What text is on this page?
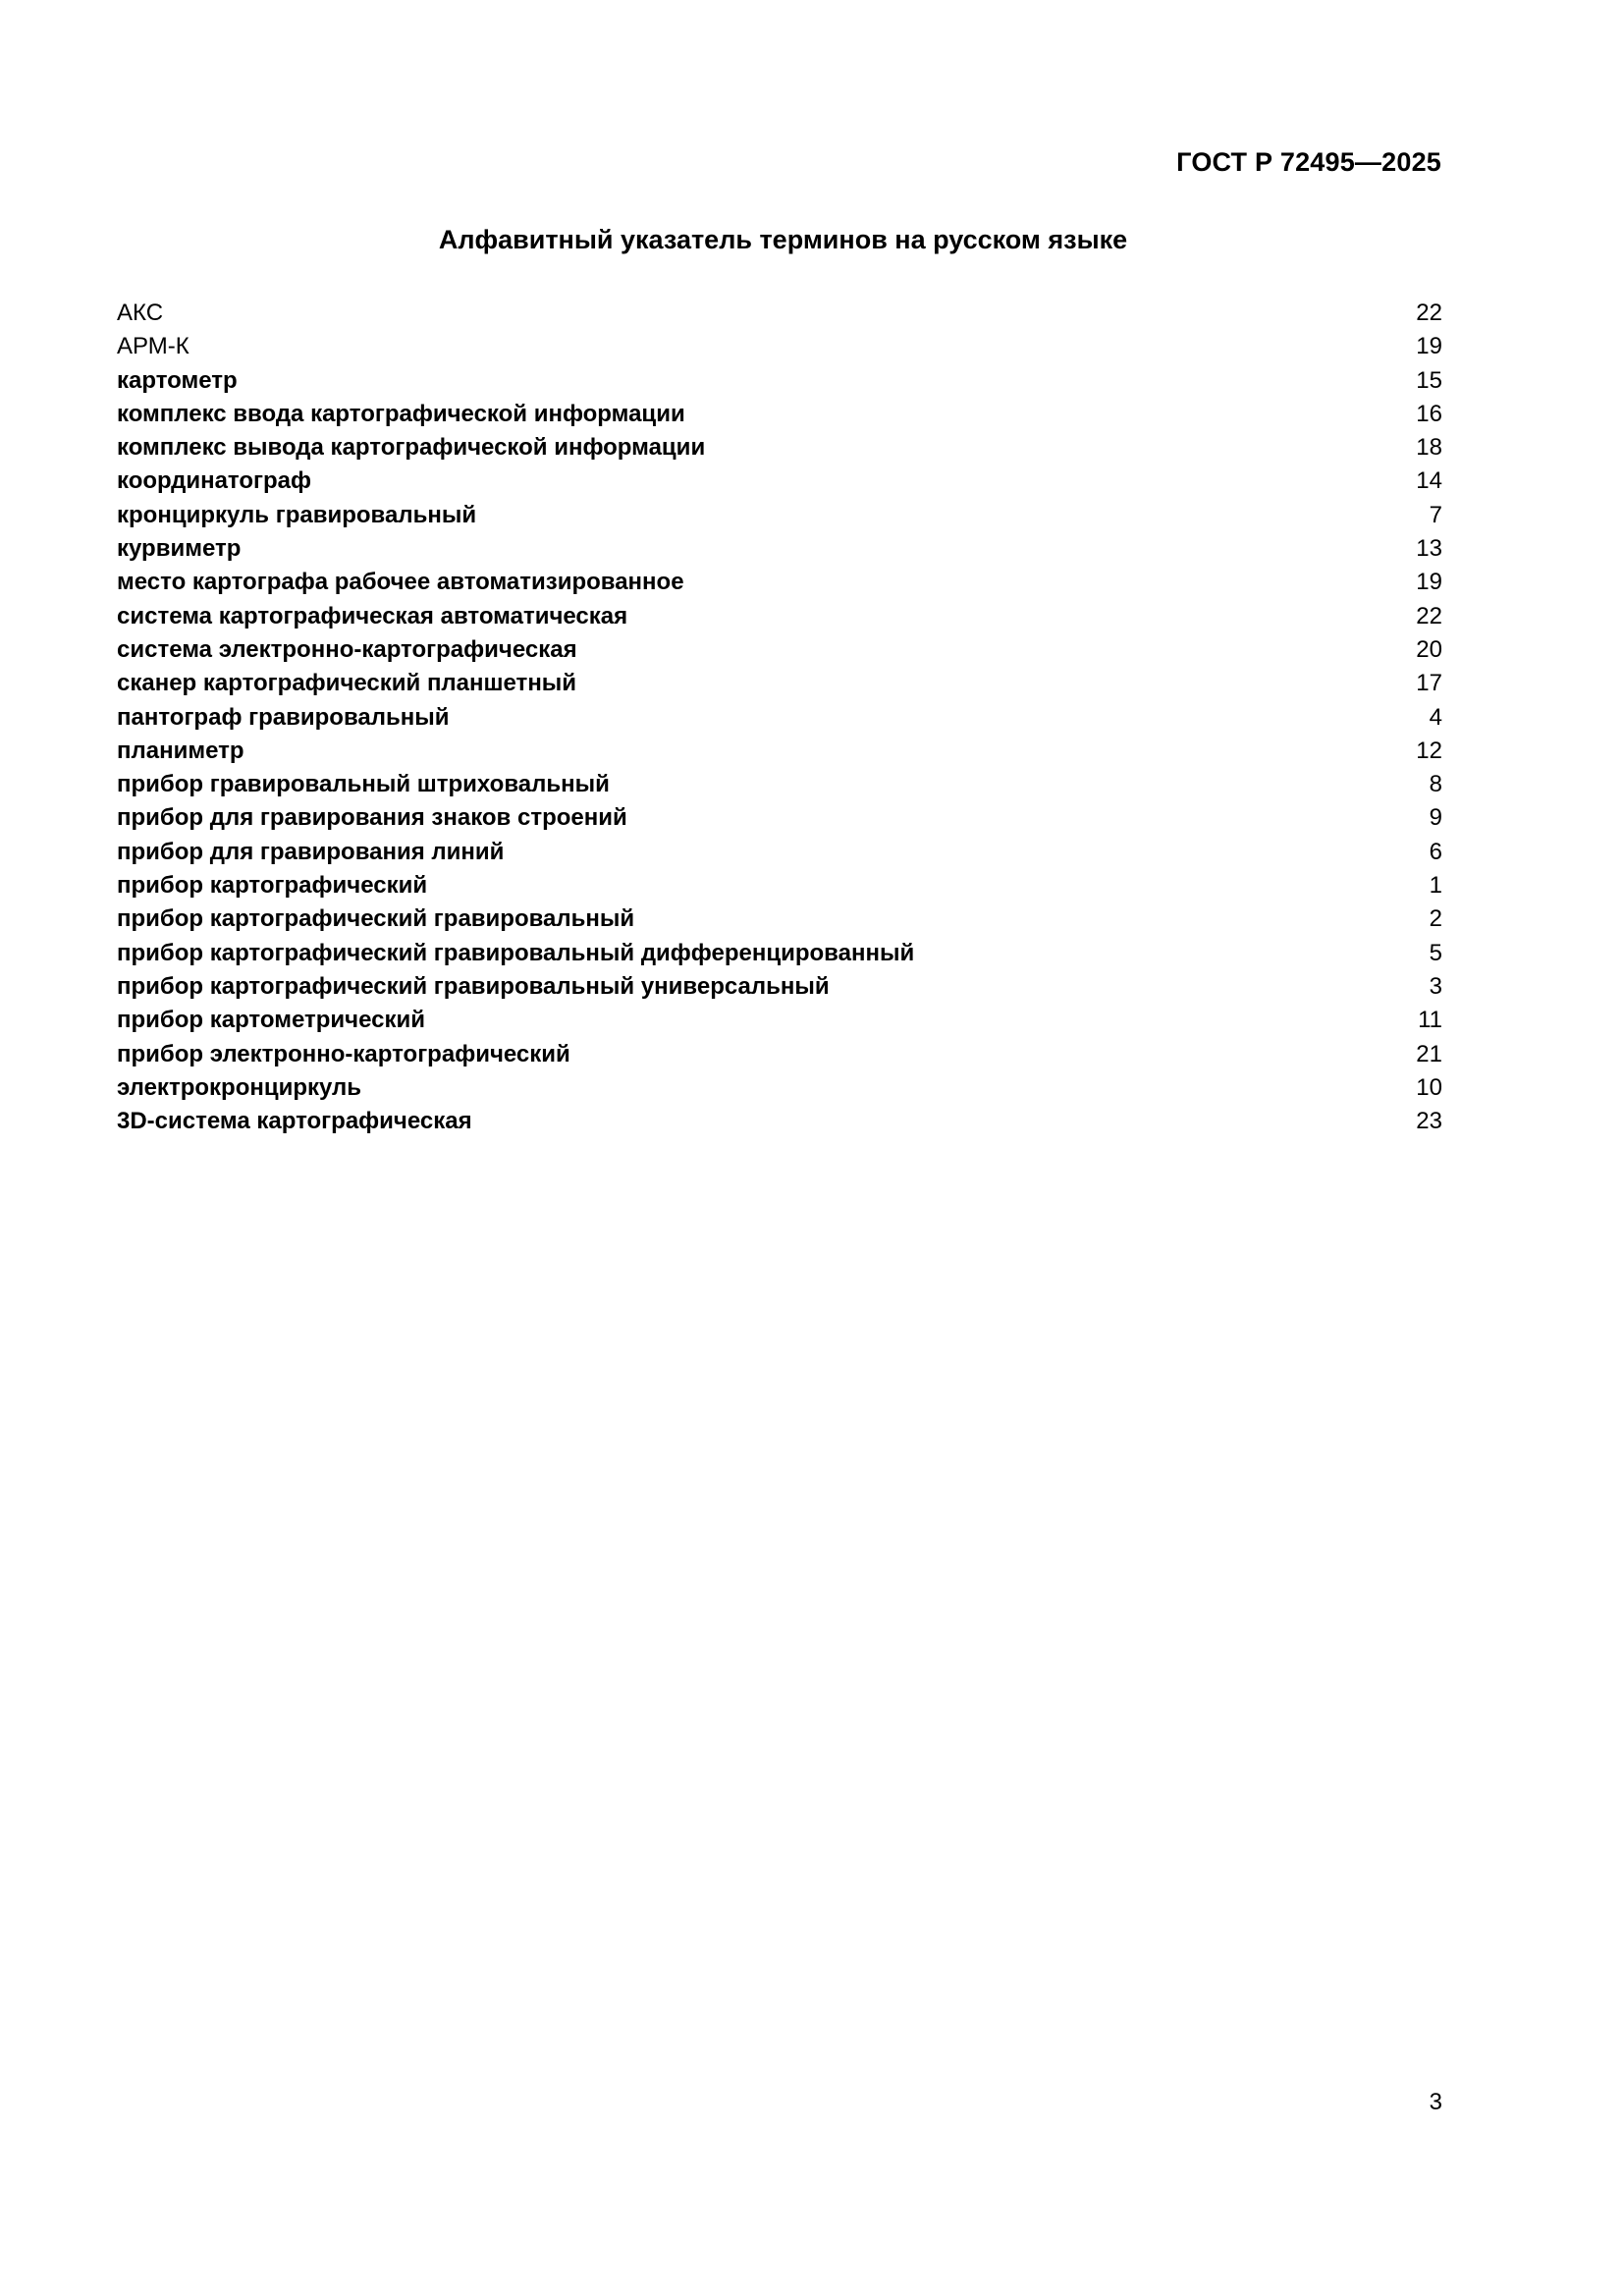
ГОСТ Р 72495—2025
Алфавитный указатель терминов на русском языке
АКС	22
АРМ-К	19
картометр	15
комплекс ввода картографической информации	16
комплекс вывода картографической информации	18
координатограф	14
кронциркуль гравировальный	7
курвиметр	13
место картографа рабочее автоматизированное	19
система картографическая автоматическая	22
система электронно-картографическая	20
сканер картографический планшетный	17
пантограф гравировальный	4
планиметр	12
прибор гравировальный штриховальный	8
прибор для гравирования знаков строений	9
прибор для гравирования линий	6
прибор картографический	1
прибор картографический гравировальный	2
прибор картографический гравировальный дифференцированный	5
прибор картографический гравировальный универсальный	3
прибор картометрический	11
прибор электронно-картографический	21
электрокронциркуль	10
3D-система картографическая	23
3
